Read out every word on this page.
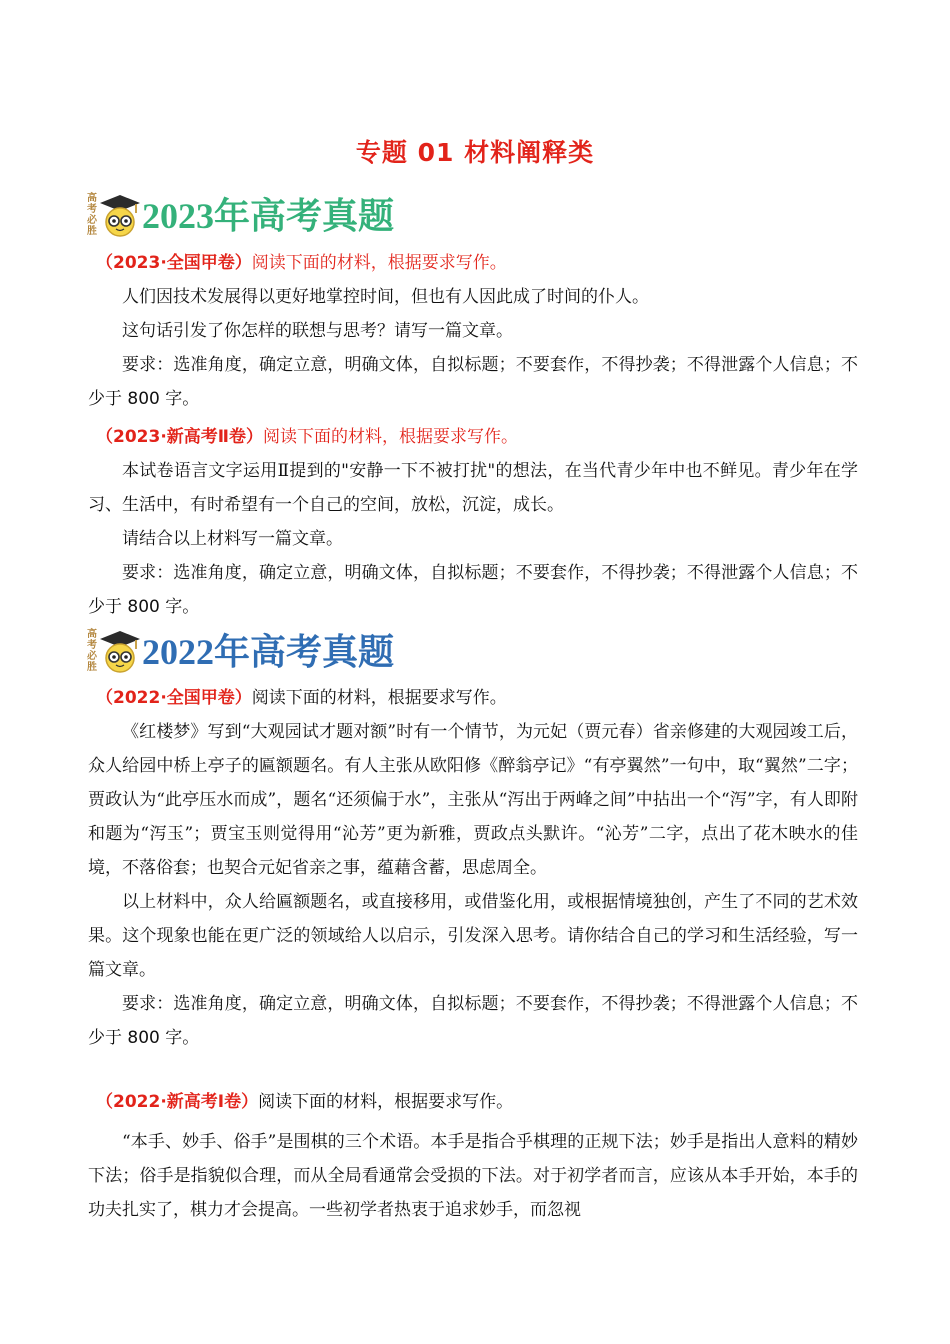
专题 01 材料阐释类
高
考
必
胜 2023年高考真题
（2023·全国甲卷）阅读下面的材料，根据要求写作。

人们因技术发展得以更好地掌控时间，但也有人因此成了时间的仆人。

这句话引发了你怎样的联想与思考？请写一篇文章。

要求：选准角度，确定立意，明确文体，自拟标题；不要套作，不得抄袭；不得泄露个人信息；不少于 800 字。

（2023·新高考Ⅱ卷）阅读下面的材料，根据要求写作。

本试卷语言文字运用Ⅱ提到的"安静一下不被打扰"的想法，在当代青少年中也不鲜见。青少年在学习、生活中，有时希望有一个自己的空间，放松，沉淀，成长。

请结合以上材料写一篇文章。

要求：选准角度，确定立意，明确文体，自拟标题；不要套作，不得抄袭；不得泄露个人信息；不少于 800 字。

高
考
必
胜 2022年高考真题
（2022·全国甲卷）阅读下面的材料，根据要求写作。

《红楼梦》写到“大观园试才题对额”时有一个情节，为元妃（贾元春）省亲修建的大观园竣工后，众人给园中桥上亭子的匾额题名。有人主张从欧阳修《醉翁亭记》“有亭翼然”一句中，取“翼然”二字；贾政认为“此亭压水而成”，题名“还须偏于水”，主张从“泻出于两峰之间”中拈出一个“泻”字，有人即附和题为“泻玉”；贾宝玉则觉得用“沁芳”更为新雅，贾政点头默许。“沁芳”二字，点出了花木映水的佳境，不落俗套；也契合元妃省亲之事，蕴藉含蓄，思虑周全。

以上材料中，众人给匾额题名，或直接移用，或借鉴化用，或根据情境独创，产生了不同的艺术效果。这个现象也能在更广泛的领域给人以启示，引发深入思考。请你结合自己的学习和生活经验，写一篇文章。

要求：选准角度，确定立意，明确文体，自拟标题；不要套作，不得抄袭；不得泄露个人信息；不少于 800 字。

（2022·新高考Ⅰ卷）阅读下面的材料，根据要求写作。

“本手、妙手、俗手”是围棋的三个术语。本手是指合乎棋理的正规下法；妙手是指出人意料的精妙下法；俗手是指貌似合理，而从全局看通常会受损的下法。对于初学者而言，应该从本手开始，本手的功夫扎实了，棋力才会提高。一些初学者热衷于追求妙手，而忽视
